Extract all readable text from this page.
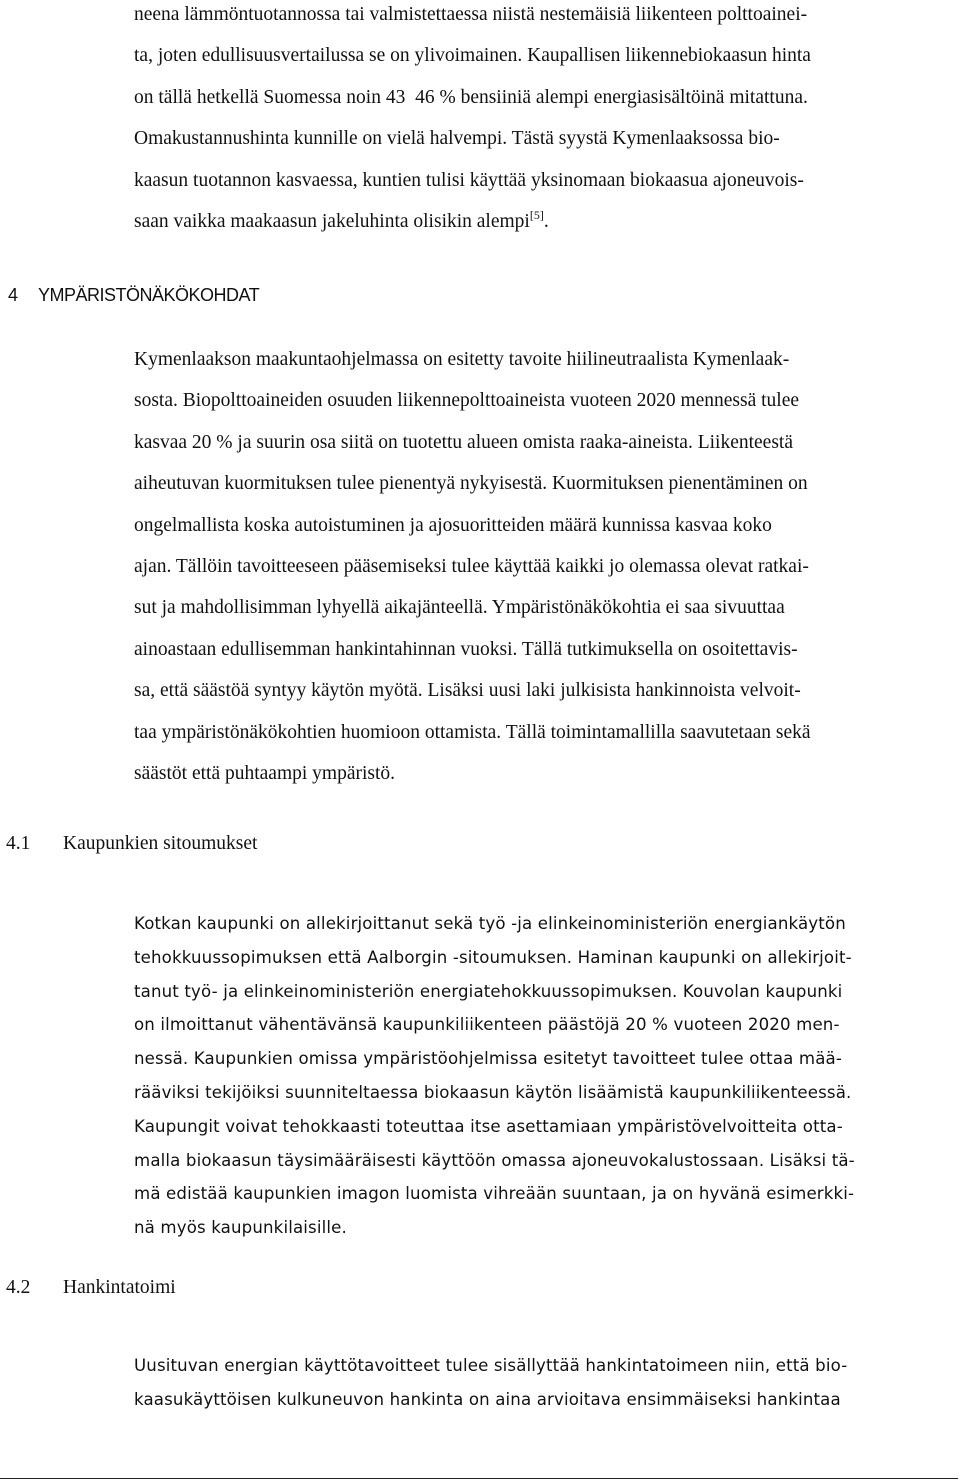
neena lämmöntuotannossa tai valmistettaessa niistä nestemäisiä liikenteen polttoainei-
ta, joten edullisuusvertailussa se on ylivoimainen. Kaupallisen liikennebiokaasun hinta
on tällä hetkellä Suomessa noin 43 46 % bensiiniä alempi energiasisältöinä mitattuna.
Omakustannushinta kunnille on vielä halvempi. Tästä syystä Kymenlaaksossa bio-
kaasun tuotannon kasvaessa, kuntien tulisi käyttää yksinomaan biokaasua ajoneuvois-
saan vaikka maakaasun jakeluhinta olisikin alempi[5].

4 YMPÄRISTÖNÄKÖKOHDAT

Kymenlaakson maakuntaohjelmassa on esitetty tavoite hiilineutraalista Kymenlaak-
sosta. Biopolttoaineiden osuuden liikennepolttoaineista vuoteen 2020 mennessä tulee
kasvaa 20 % ja suurin osa siitä on tuotettu alueen omista raaka-aineista. Liikenteestä
aiheutuvan kuormituksen tulee pienentyä nykyisestä. Kuormituksen pienentäminen on
ongelmallista koska autoistuminen ja ajosuoritteiden määrä kunnissa kasvaa koko
ajan. Tällöin tavoitteeseen pääsemiseksi tulee käyttää kaikki jo olemassa olevat ratkai-
sut ja mahdollisimman lyhyellä aikajänteellä. Ympäristönäkökohtia ei saa sivuuttaa
ainoastaan edullisemman hankintahinnan vuoksi. Tällä tutkimuksella on osoitettavis-
sa, että säästöä syntyy käytön myötä. Lisäksi uusi laki julkisista hankinnoista velvoit-
taa ympäristönäkökohtien huomioon ottamista. Tällä toimintamallilla saavutetaan sekä
säästöt että puhtaampi ympäristö.

4.1 Kaupunkien sitoumukset

Kotkan kaupunki on allekirjoittanut sekä työ -ja elinkeinoministeriön energiankäytön
tehokkuussopimuksen että Aalborgin -sitoumuksen. Haminan kaupunki on allekirjoit-
tanut työ- ja elinkeinoministeriön energiatehokkuussopimuksen. Kouvolan kaupunki
on ilmoittanut vähentävänsä kaupunkiliikenteen päästöjä 20 % vuoteen 2020 men-
nessä. Kaupunkien omissa ympäristöohjelmissa esitetyt tavoitteet tulee ottaa mää-
rääviksi tekijöiksi suunniteltaessa biokaasun käytön lisäämistä kaupunkiliikenteessä.
Kaupungit voivat tehokkaasti toteuttaa itse asettamiaan ympäristövelvoitteita otta-
malla biokaasun täysimääräisesti käyttöön omassa ajoneuvokalustossaan. Lisäksi tä-
mä edistää kaupunkien imagon luomista vihreään suuntaan, ja on hyvänä esimerkki-
nä myös kaupunkilaisille.

4.2 Hankintatoimi

Uusituvan energian käyttötavoitteet tulee sisällyttää hankintatoimeen niin, että bio-
kaasukäyttöisen kulkuneuvon hankinta on aina arvioitava ensimmäiseksi hankintaa
